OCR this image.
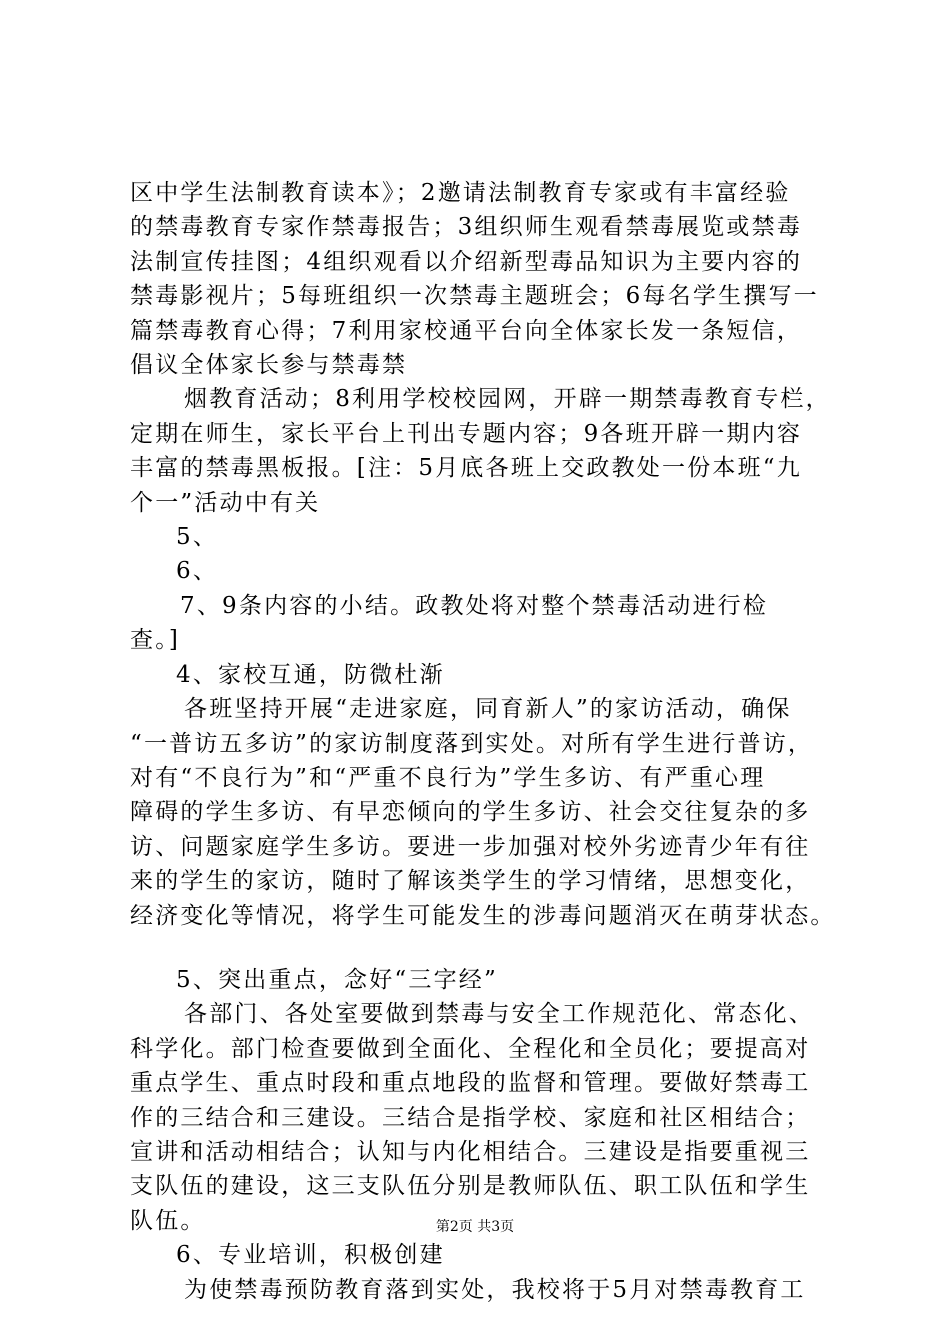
区中学生法制教育读本》；2邀请法制教育专家或有丰富经验

的禁毒教育专家作禁毒报告；3组织师生观看禁毒展览或禁毒

法制宣传挂图；4组织观看以介绍新型毒品知识为主要内容的

禁毒影视片；5每班组织一次禁毒主题班会；6每名学生撰写一

篇禁毒教育心得；7利用家校通平台向全体家长发一条短信，

倡议全体家长参与禁毒禁

烟教育活动；8利用学校校园网，开辟一期禁毒教育专栏，

定期在师生，家长平台上刊出专题内容；9各班开辟一期内容

丰富的禁毒黑板报。[注：5月底各班上交政教处一份本班“九

个一”活动中有关

5、

6、

7、9条内容的小结。政教处将对整个禁毒活动进行检

查。]

4、家校互通，防微杜渐

各班坚持开展“走进家庭，同育新人”的家访活动，确保

“一普访五多访”的家访制度落到实处。对所有学生进行普访，

对有“不良行为”和“严重不良行为”学生多访、有严重心理

障碍的学生多访、有早恋倾向的学生多访、社会交往复杂的多

访、问题家庭学生多访。要进一步加强对校外劣迹青少年有往

来的学生的家访，随时了解该类学生的学习情绪，思想变化，

经济变化等情况，将学生可能发生的涉毒问题消灭在萌芽状态。

5、突出重点，念好“三字经”

各部门、各处室要做到禁毒与安全工作规范化、常态化、

科学化。部门检查要做到全面化、全程化和全员化；要提高对

重点学生、重点时段和重点地段的监督和管理。要做好禁毒工

作的三结合和三建设。三结合是指学校、家庭和社区相结合；

宣讲和活动相结合；认知与内化相结合。三建设是指要重视三

支队伍的建设，这三支队伍分别是教师队伍、职工队伍和学生

队伍。

6、专业培训，积极创建

为使禁毒预防教育落到实处，我校将于5月对禁毒教育工

第2页 共3页
